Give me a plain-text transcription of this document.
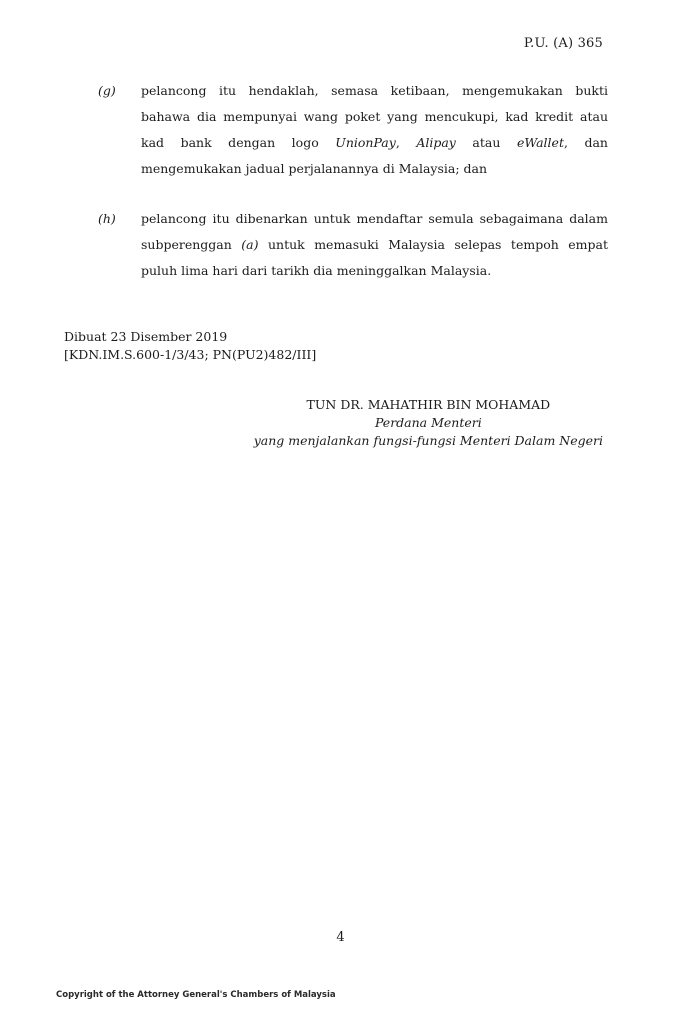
P.U. (A) 365
(g) pelancong itu hendaklah, semasa ketibaan, mengemukakan bukti bahawa dia mempunyai wang poket yang mencukupi, kad kredit atau kad bank dengan logo UnionPay, Alipay atau eWallet, dan mengemukakan jadual perjalanannya di Malaysia; dan
(h) pelancong itu dibenarkan untuk mendaftar semula sebagaimana dalam subperenggan (a) untuk memasuki Malaysia selepas tempoh empat puluh lima hari dari tarikh dia meninggalkan Malaysia.
Dibuat 23 Disember 2019
[KDN.IM.S.600-1/3/43; PN(PU2)482/III]
TUN DR. MAHATHIR BIN MOHAMAD
Perdana Menteri
yang menjalankan fungsi-fungsi Menteri Dalam Negeri
4
Copyright of the Attorney General's Chambers of Malaysia
